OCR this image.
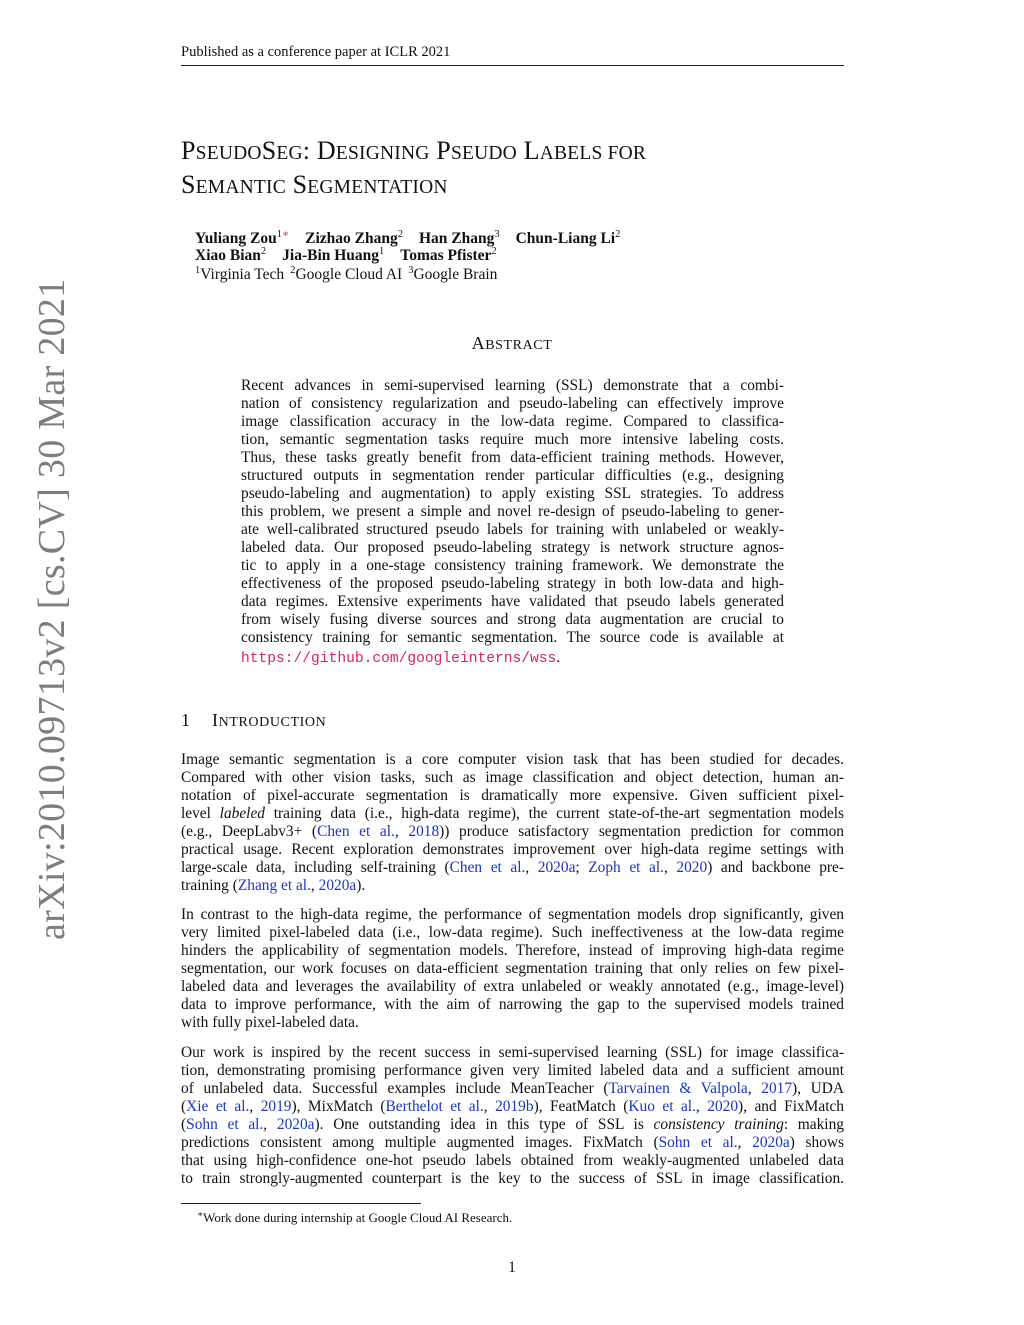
Published as a conference paper at ICLR 2021
PSEUDOSEG: DESIGNING PSEUDO LABELS FOR
SEMANTIC SEGMENTATION
Yuliang Zou$^{1∗}$ Zizhao Zhang$^2$ Han Zhang$^3$ Chun-Liang Li$^2$
Xiao Bian$^2$ Jia-Bin Huang$^1$ Tomas Pfister$^2$
$^1$Virginia Tech $^2$Google Cloud AI $^3$Google Brain
ABSTRACT
Recent advances in semi-supervised learning (SSL) demonstrate that a combi-
nation of consistency regularization and pseudo-labeling can effectively improve
image classification accuracy in the low-data regime. Compared to classifica-
tion, semantic segmentation tasks require much more intensive labeling costs.
Thus, these tasks greatly benefit from data-efficient training methods. However,
structured outputs in segmentation render particular difficulties (e.g., designing
pseudo-labeling and augmentation) to apply existing SSL strategies. To address
this problem, we present a simple and novel re-design of pseudo-labeling to gener-
ate well-calibrated structured pseudo labels for training with unlabeled or weakly-
labeled data. Our proposed pseudo-labeling strategy is network structure agnos-
tic to apply in a one-stage consistency training framework. We demonstrate the
effectiveness of the proposed pseudo-labeling strategy in both low-data and high-
data regimes. Extensive experiments have validated that pseudo labels generated
from wisely fusing diverse sources and strong data augmentation are crucial to
consistency training for semantic segmentation. The source code is available at
https://github.com/googleinterns/wss.
1 INTRODUCTION
Image semantic segmentation is a core computer vision task that has been studied for decades.
Compared with other vision tasks, such as image classification and object detection, human an-
notation of pixel-accurate segmentation is dramatically more expensive. Given sufficient pixel-
level labeled training data (i.e., high-data regime), the current state-of-the-art segmentation models
(e.g., DeepLabv3+ (Chen et al., 2018)) produce satisfactory segmentation prediction for common
practical usage. Recent exploration demonstrates improvement over high-data regime settings with
large-scale data, including self-training (Chen et al., 2020a; Zoph et al., 2020) and backbone pre-
training (Zhang et al., 2020a).
In contrast to the high-data regime, the performance of segmentation models drop significantly, given
very limited pixel-labeled data (i.e., low-data regime). Such ineffectiveness at the low-data regime
hinders the applicability of segmentation models. Therefore, instead of improving high-data regime
segmentation, our work focuses on data-efficient segmentation training that only relies on few pixel-
labeled data and leverages the availability of extra unlabeled or weakly annotated (e.g., image-level)
data to improve performance, with the aim of narrowing the gap to the supervised models trained
with fully pixel-labeled data.
Our work is inspired by the recent success in semi-supervised learning (SSL) for image classifica-
tion, demonstrating promising performance given very limited labeled data and a sufficient amount
of unlabeled data. Successful examples include MeanTeacher (Tarvainen & Valpola, 2017), UDA
(Xie et al., 2019), MixMatch (Berthelot et al., 2019b), FeatMatch (Kuo et al., 2020), and FixMatch
(Sohn et al., 2020a). One outstanding idea in this type of SSL is consistency training: making
predictions consistent among multiple augmented images. FixMatch (Sohn et al., 2020a) shows
that using high-confidence one-hot pseudo labels obtained from weakly-augmented unlabeled data
to train strongly-augmented counterpart is the key to the success of SSL in image classification.
∗Work done during internship at Google Cloud AI Research.
1
arXiv:2010.09713v2 [cs.CV] 30 Mar 2021
